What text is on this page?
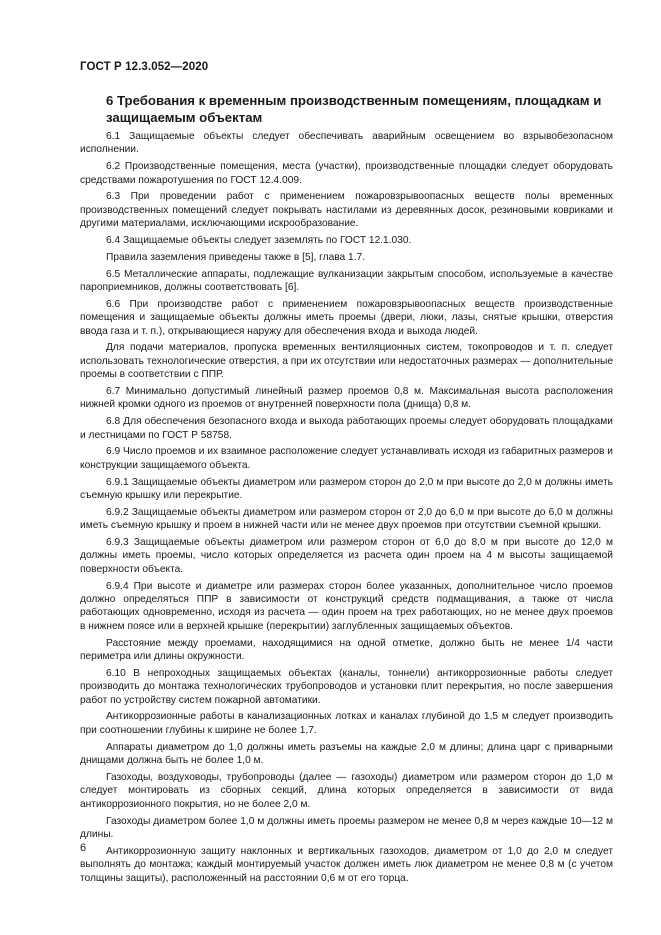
ГОСТ Р 12.3.052—2020
6 Требования к временным производственным помещениям, площадкам и защищаемым объектам

6.1 Защищаемые объекты следует обеспечивать аварийным освещением во взрывобезопасном исполнении.

6.2 Производственные помещения, места (участки), производственные площадки следует оборудовать средствами пожаротушения по ГОСТ 12.4.009.

6.3 При проведении работ с применением пожаровзрывоопасных веществ полы временных производственных помещений следует покрывать настилами из деревянных досок, резиновыми ковриками и другими материалами, исключающими искрообразование.

6.4 Защищаемые объекты следует заземлять по ГОСТ 12.1.030.

Правила заземления приведены также в [5], глава 1.7.

6.5 Металлические аппараты, подлежащие вулканизации закрытым способом, используемые в качестве пароприемников, должны соответствовать [6].

6.6 При производстве работ с применением пожаровзрывоопасных веществ производственные помещения и защищаемые объекты должны иметь проемы (двери, люки, лазы, снятые крышки, отверстия ввода газа и т. п.), открывающиеся наружу для обеспечения входа и выхода людей.

Для подачи материалов, пропуска временных вентиляционных систем, токопроводов и т. п. следует использовать технологические отверстия, а при их отсутствии или недостаточных размерах — дополнительные проемы в соответствии с ППР.

6.7 Минимально допустимый линейный размер проемов 0,8 м. Максимальная высота расположения нижней кромки одного из проемов от внутренней поверхности пола (днища) 0,8 м.

6.8 Для обеспечения безопасного входа и выхода работающих проемы следует оборудовать площадками и лестницами по ГОСТ Р 58758.

6.9 Число проемов и их взаимное расположение следует устанавливать исходя из габаритных размеров и конструкции защищаемого объекта.

6.9.1 Защищаемые объекты диаметром или размером сторон до 2,0 м при высоте до 2,0 м должны иметь съемную крышку или перекрытие.

6.9.2 Защищаемые объекты диаметром или размером сторон от 2,0 до 6,0 м при высоте до 6,0 м должны иметь съемную крышку и проем в нижней части или не менее двух проемов при отсутствии съемной крышки.

6.9.3 Защищаемые объекты диаметром или размером сторон от 6,0 до 8,0 м при высоте до 12,0 м должны иметь проемы, число которых определяется из расчета один проем на 4 м высоты защищаемой поверхности объекта.

6.9.4 При высоте и диаметре или размерах сторон более указанных, дополнительное число проемов должно определяться ППР в зависимости от конструкций средств подмащивания, а также от числа работающих одновременно, исходя из расчета — один проем на трех работающих, но не менее двух проемов в нижнем поясе или в верхней крышке (перекрытии) заглубленных защищаемых объектов.

Расстояние между проемами, находящимися на одной отметке, должно быть не менее 1/4 части периметра или длины окружности.

6.10 В непроходных защищаемых объектах (каналы, тоннели) антикоррозионные работы следует производить до монтажа технологических трубопроводов и установки плит перекрытия, но после завершения работ по устройству систем пожарной автоматики.

Антикоррозионные работы в канализационных лотках и каналах глубиной до 1,5 м следует производить при соотношении глубины к ширине не более 1,7.

Аппараты диаметром до 1,0 должны иметь разъемы на каждые 2,0 м длины; длина царг с приварными днищами должна быть не более 1,0 м.

Газоходы, воздуховоды, трубопроводы (далее — газоходы) диаметром или размером сторон до 1,0 м следует монтировать из сборных секций, длина которых определяется в зависимости от вида антикоррозионного покрытия, но не более 2,0 м.

Газоходы диаметром более 1,0 м должны иметь проемы размером не менее 0,8 м через каждые 10—12 м длины.

Антикоррозионную защиту наклонных и вертикальных газоходов, диаметром от 1,0 до 2,0 м следует выполнять до монтажа; каждый монтируемый участок должен иметь люк диаметром не менее 0,8 м (с учетом толщины защиты), расположенный на расстоянии 0,6 м от его торца.

6
